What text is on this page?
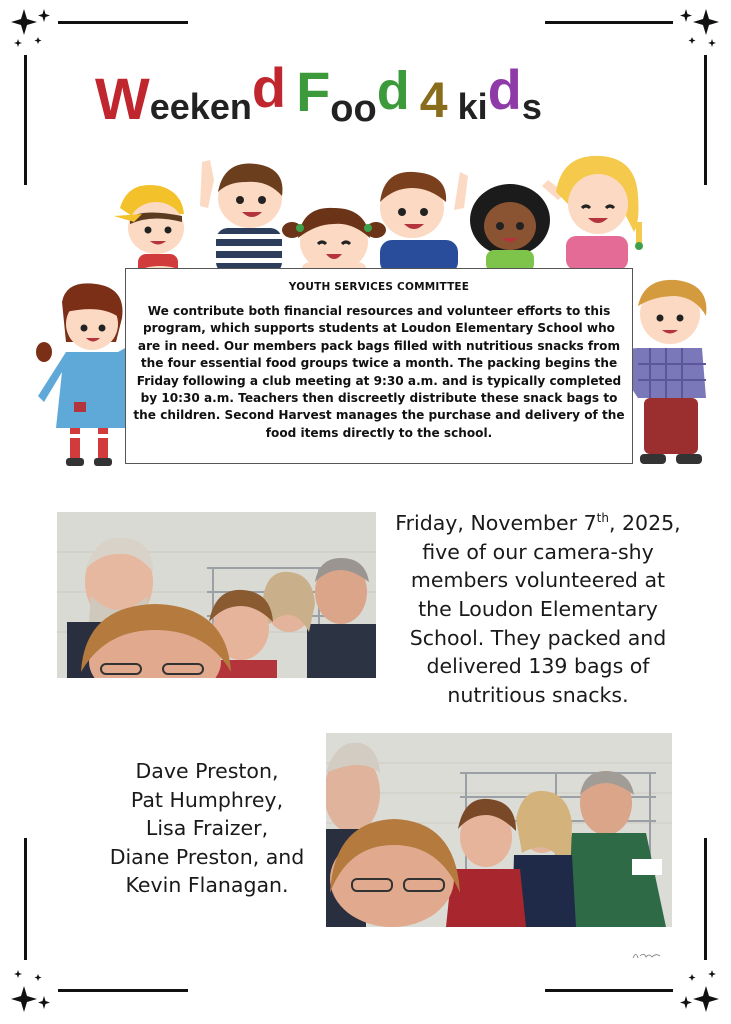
Weekend Food 4 kids
YOUTH SERVICES COMMITTEE
We contribute both financial resources and volunteer efforts to this program, which supports students at Loudon Elementary School who are in need. Our members pack bags filled with nutritious snacks from the four essential food groups twice a month. The packing begins the Friday following a club meeting at 9:30 a.m. and is typically completed by 10:30 a.m. Teachers then discreetly distribute these snack bags to the children. Second Harvest manages the purchase and delivery of the food items directly to the school.
Friday, November 7th, 2025,
five of our camera-shy
members volunteered at
the Loudon Elementary
School. They packed and
delivered 139 bags of
nutritious snacks.
Dave Preston,
Pat Humphrey,
Lisa Fraizer,
Diane Preston, and
Kevin Flanagan.
